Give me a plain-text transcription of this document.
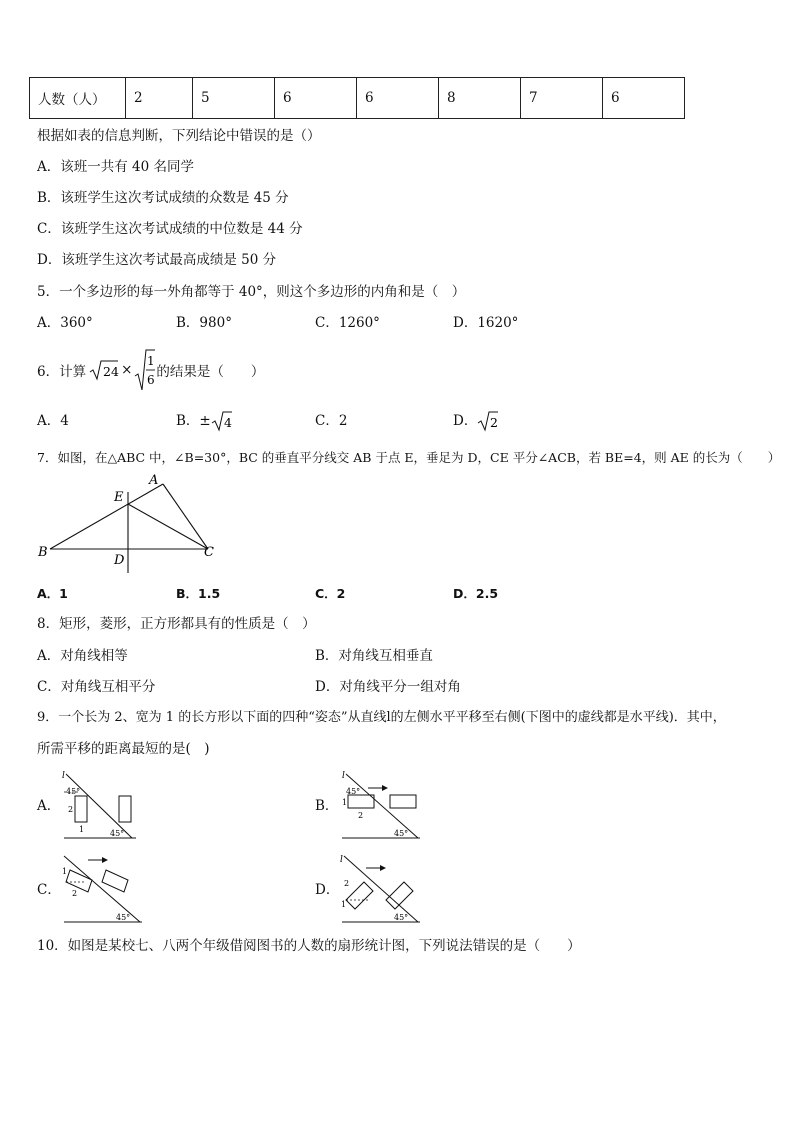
人数（人）	2	5	6	6	8	7	6
根据如表的信息判断，下列结论中错误的是（）
A．该班一共有 40 名同学
B．该班学生这次考试成绩的众数是 45 分
C．该班学生这次考试成绩的中位数是 44 分
D．该班学生这次考试最高成绩是 50 分
5．一个多边形的每一外角都等于 40°，则这个多边形的内角和是（　）
A．360°	B．980°	C．1260°	D．1620°
6．计算 24 ×
1
6 的结果是（　　）
A．4	B．± 4	C．2	D． 2
7．如图，在△ABC 中，∠B=30°，BC 的垂直平分线交 AB 于点 E，垂足为 D，CE 平分∠ACB，若 BE=4，则 AE 的长为（　　）
A
B	C
D
E
A．1	B．1.5	C．2	D．2.5
8．矩形，菱形，正方形都具有的性质是（　）
A．对角线相等	B．对角线互相垂直
C．对角线互相平分	D．对角线平分一组对角
9．一个长为 2、宽为 1 的长方形以下面的四种“姿态”从直线l的左侧水平平移至右侧(下图中的虚线都是水平线)．其中，
所需平移的距离最短的是(　)
A．
l
45°
2
1	45°
B．
l
45°
1
2
45°
C．
1
2
45°
D．
l
2
1
45°
10．如图是某校七、八两个年级借阅图书的人数的扇形统计图，下列说法错误的是（　　）
